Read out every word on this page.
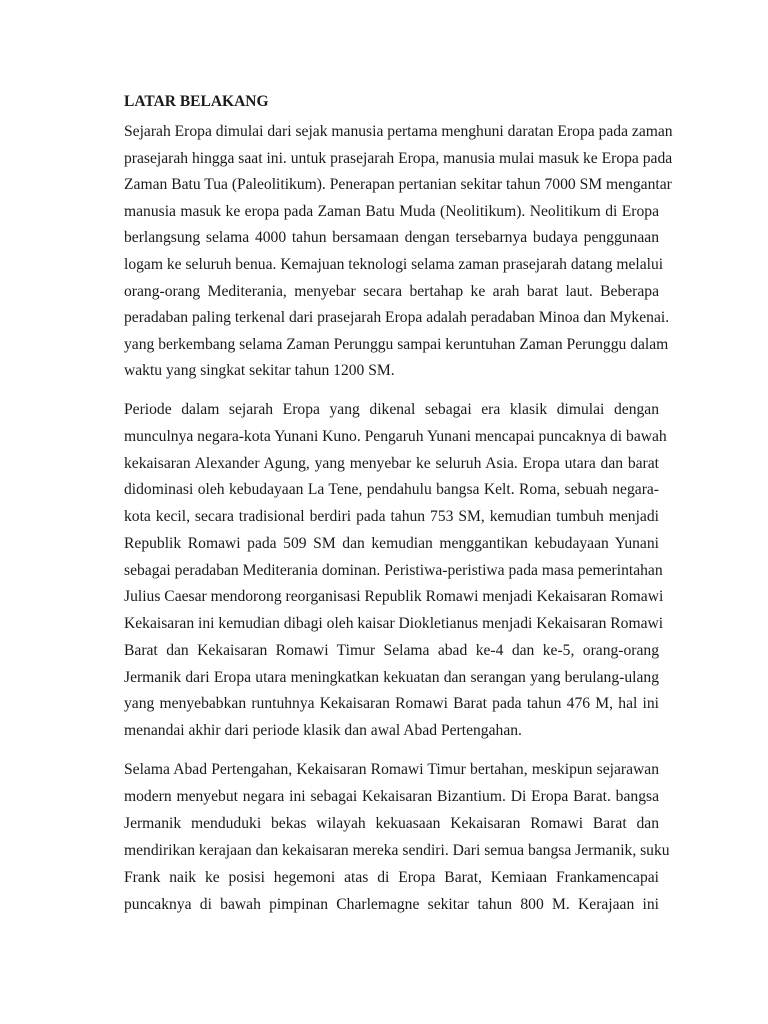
LATAR BELAKANG
Sejarah Eropa dimulai dari sejak manusia pertama menghuni daratan Eropa pada zaman
prasejarah hingga saat ini. untuk prasejarah Eropa, manusia mulai masuk ke Eropa pada
Zaman Batu Tua (Paleolitikum). Penerapan pertanian sekitar tahun 7000 SM mengantar
manusia masuk ke eropa pada Zaman Batu Muda (Neolitikum). Neolitikum di Eropa
berlangsung selama 4000 tahun bersamaan dengan tersebarnya budaya penggunaan
logam ke seluruh benua. Kemajuan teknologi selama zaman prasejarah datang melalui
orang-orang Mediterania, menyebar secara bertahap ke arah barat laut. Beberapa
peradaban paling terkenal dari prasejarah Eropa adalah peradaban Minoa dan Mykenai.
yang berkembang selama Zaman Perunggu sampai keruntuhan Zaman Perunggu dalam
waktu yang singkat sekitar tahun 1200 SM.
Periode dalam sejarah Eropa yang dikenal sebagai era klasik dimulai dengan
munculnya negara-kota Yunani Kuno. Pengaruh Yunani mencapai puncaknya di bawah
kekaisaran Alexander Agung, yang menyebar ke seluruh Asia. Eropa utara dan barat
didominasi oleh kebudayaan La Tene, pendahulu bangsa Kelt. Roma, sebuah negara-
kota kecil, secara tradisional berdiri pada tahun 753 SM, kemudian tumbuh menjadi
Republik Romawi pada 509 SM dan kemudian menggantikan kebudayaan Yunani
sebagai peradaban Mediterania dominan. Peristiwa-peristiwa pada masa pemerintahan
Julius Caesar mendorong reorganisasi Republik Romawi menjadi Kekaisaran Romawi
Kekaisaran ini kemudian dibagi oleh kaisar Diokletianus menjadi Kekaisaran Romawi
Barat dan Kekaisaran Romawi Timur Selama abad ke-4 dan ke-5, orang-orang
Jermanik dari Eropa utara meningkatkan kekuatan dan serangan yang berulang-ulang
yang menyebabkan runtuhnya Kekaisaran Romawi Barat pada tahun 476 M, hal ini
menandai akhir dari periode klasik dan awal Abad Pertengahan.
Selama Abad Pertengahan, Kekaisaran Romawi Timur bertahan, meskipun sejarawan
modern menyebut negara ini sebagai Kekaisaran Bizantium. Di Eropa Barat. bangsa
Jermanik menduduki bekas wilayah kekuasaan Kekaisaran Romawi Barat dan
mendirikan kerajaan dan kekaisaran mereka sendiri. Dari semua bangsa Jermanik, suku
Frank naik ke posisi hegemoni atas di Eropa Barat, Kemiaan Frankamencapai
puncaknya di bawah pimpinan Charlemagne sekitar tahun 800 M. Kerajaan ini
